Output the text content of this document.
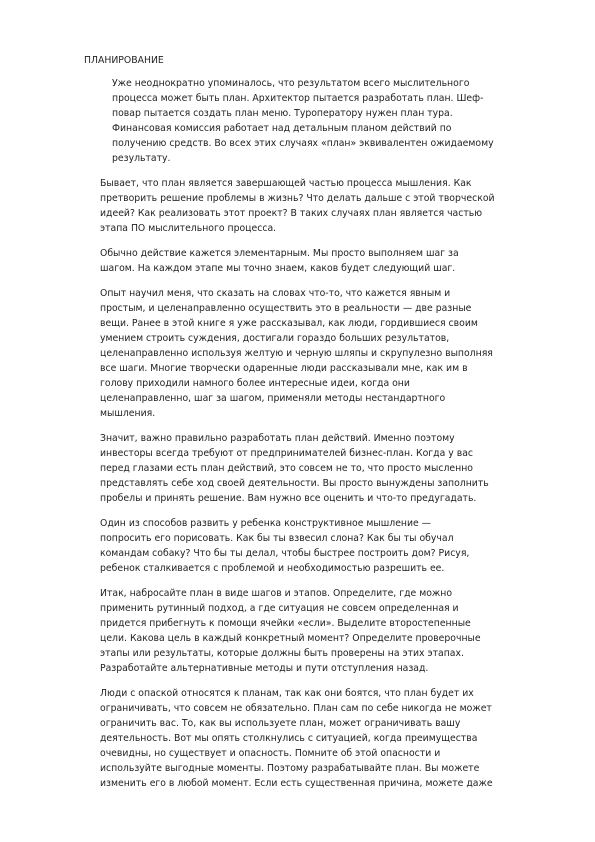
ПЛАНИРОВАНИЕ

Уже неоднократно упоминалось, что результатом всего мыслительного
процесса может быть план. Архитектор пытается разработать план. Шеф-
повар пытается создать план меню. Туроператору нужен план тура.
Финансовая комиссия работает над детальным планом действий по
получению средств. Во всех этих случаях «план» эквивалентен ожидаемому
результату.

Бывает, что план является завершающей частью процесса мышления. Как
претворить решение проблемы в жизнь? Что делать дальше с этой творческой
идеей? Как реализовать этот проект? В таких случаях план является частью
этапа ПО мыслительного процесса.

Обычно действие кажется элементарным. Мы просто выполняем шаг за
шагом. На каждом этапе мы точно знаем, каков будет следующий шаг.

Опыт научил меня, что сказать на словах что-то, что кажется явным и
простым, и целенаправленно осуществить это в реальности — две разные
вещи. Ранее в этой книге я уже рассказывал, как люди, гордившиеся своим
умением строить суждения, достигали гораздо больших результатов,
целенаправленно используя желтую и черную шляпы и скрупулезно выполняя
все шаги. Многие творчески одаренные люди рассказывали мне, как им в
голову приходили намного более интересные идеи, когда они
целенаправленно, шаг за шагом, применяли методы нестандартного
мышления.

Значит, важно правильно разработать план действий. Именно поэтому
инвесторы всегда требуют от предпринимателей бизнес-план. Когда у вас
перед глазами есть план действий, это совсем не то, что просто мысленно
представлять себе ход своей деятельности. Вы просто вынуждены заполнить
пробелы и принять решение. Вам нужно все оценить и что-то предугадать.

Один из способов развить у ребенка конструктивное мышление —
попросить его порисовать. Как бы ты взвесил слона? Как бы ты обучал
командам собаку? Что бы ты делал, чтобы быстрее построить дом? Рисуя,
ребенок сталкивается с проблемой и необходимостью разрешить ее.

Итак, набросайте план в виде шагов и этапов. Определите, где можно
применить рутинный подход, а где ситуация не совсем определенная и
придется прибегнуть к помощи ячейки «если». Выделите второстепенные
цели. Какова цель в каждый конкретный момент? Определите проверочные
этапы или результаты, которые должны быть проверены на этих этапах.
Разработайте альтернативные методы и пути отступления назад.

Люди с опаской относятся к планам, так как они боятся, что план будет их
ограничивать, что совсем не обязательно. План сам по себе никогда не может
ограничить вас. То, как вы используете план, может ограничивать вашу
деятельность. Вот мы опять столкнулись с ситуацией, когда преимущества
очевидны, но существует и опасность. Помните об этой опасности и
используйте выгодные моменты. Поэтому разрабатывайте план. Вы можете
изменить его в любой момент. Если есть существенная причина, можете даже
